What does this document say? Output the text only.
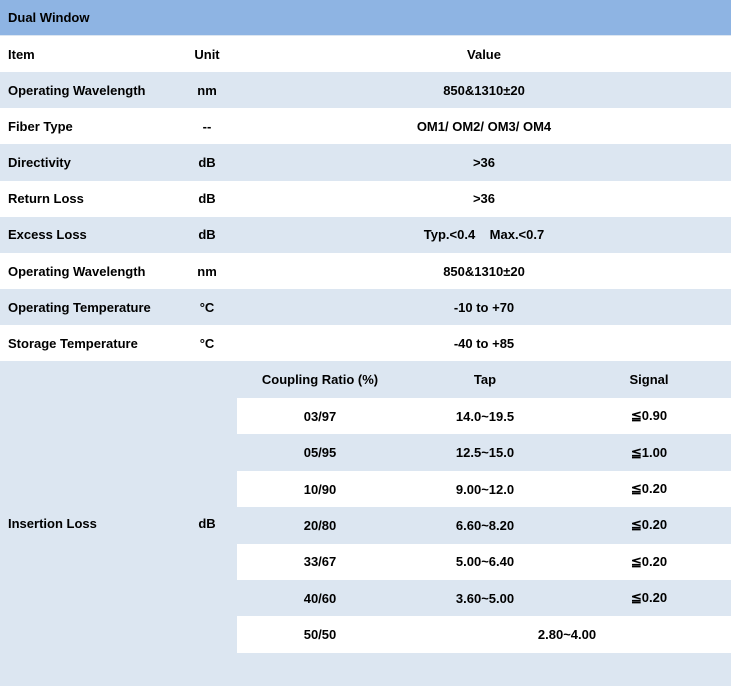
Dual Window
Item	Unit	Value
Operating Wavelength	nm	850&1310±20
Fiber Type	--	OM1/ OM2/ OM3/ OM4
Directivity	dB	>36
Return Loss	dB	>36
Excess Loss	dB	Typ.<0.4    Max.<0.7
Operating Wavelength	nm	850&1310±20
Operating Temperature	°C	-10 to +70
Storage Temperature	°C	-40 to +85
Insertion Loss	dB
Coupling Ratio (%)	Tap	Signal
03/97	14.0~19.5	≦0.90
05/95	12.5~15.0	≦1.00
10/90	9.00~12.0	≦0.20
20/80	6.60~8.20	≦0.20
33/67	5.00~6.40	≦0.20
40/60	3.60~5.00	≦0.20
50/50	2.80~4.00
